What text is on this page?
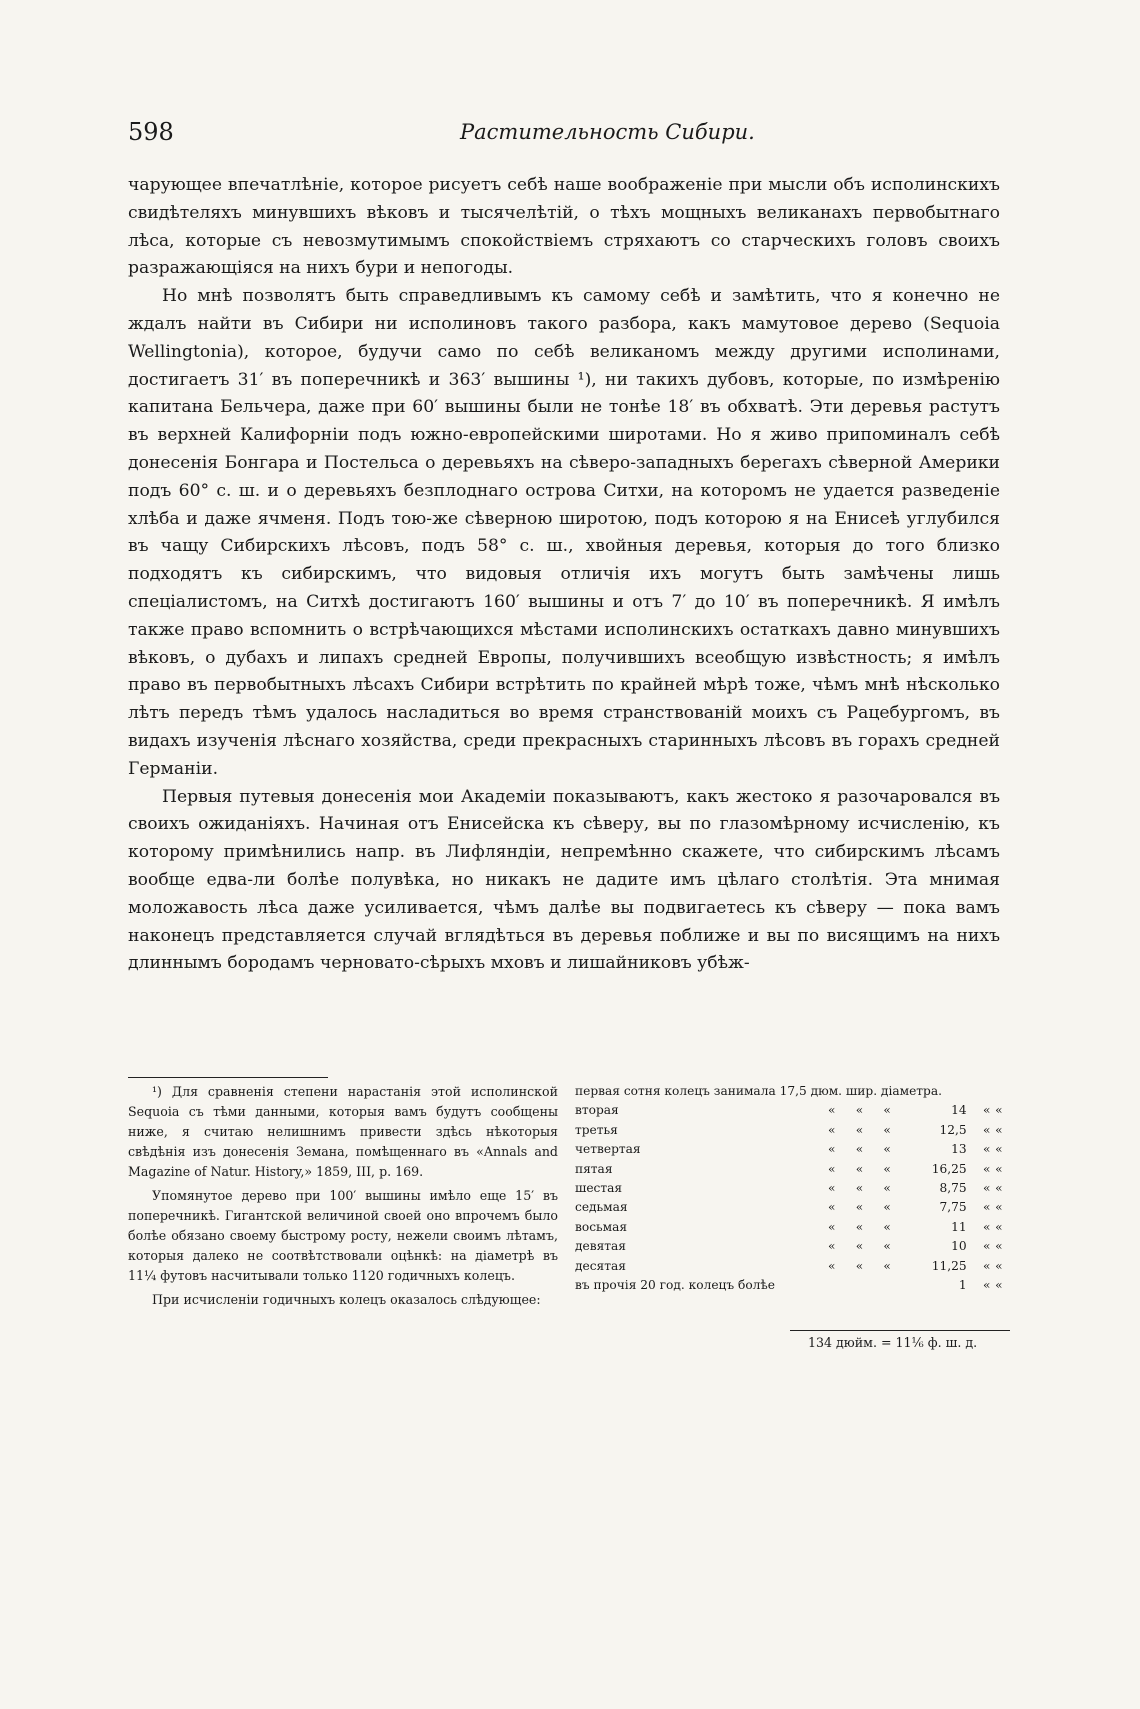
598	Растительность Сибири.

чарующее впечатлѣніе, которое рисуетъ себѣ наше воображеніе при мысли объ исполинскихъ свидѣтеляхъ минувшихъ вѣковъ и тысячелѣтій, о тѣхъ мощныхъ великанахъ первобытнаго лѣса, которые съ невозмутимымъ спокойствіемъ стряхаютъ со старческихъ головъ своихъ разражающіяся на нихъ бури и непогоды.

Но мнѣ позволятъ быть справедливымъ къ самому себѣ и замѣтить, что я конечно не ждалъ найти въ Сибири ни исполиновъ такого разбора, какъ мамутовое дерево (Sequoia Wellingtonia), которое, будучи само по себѣ великаномъ между другими исполинами, достигаетъ 31′ въ поперечникѣ и 363′ вышины ¹), ни такихъ дубовъ, которые, по измѣренію капитана Бельчера, даже при 60′ вышины были не тонѣе 18′ въ обхватѣ. Эти деревья растутъ въ верхней Калифорніи подъ южно-европейскими широтами. Но я живо припоминалъ себѣ донесенія Бонгара и Постельса о деревьяхъ на сѣверо-западныхъ берегахъ сѣверной Америки подъ 60° с. ш. и о деревьяхъ безплоднаго острова Ситхи, на которомъ не удается разведеніе хлѣба и даже ячменя. Подъ тою-же сѣверною широтою, подъ которою я на Енисеѣ углубился въ чащу Сибирскихъ лѣсовъ, подъ 58° с. ш., хвойныя деревья, которыя до того близко подходятъ къ сибирскимъ, что видовыя отличія ихъ могутъ быть замѣчены лишь спеціалистомъ, на Ситхѣ достигаютъ 160′ вышины и отъ 7′ до 10′ въ поперечникѣ. Я имѣлъ также право вспомнить о встрѣчающихся мѣстами исполинскихъ остаткахъ давно минувшихъ вѣковъ, о дубахъ и липахъ средней Европы, получившихъ всеобщую извѣстность; я имѣлъ право въ первобытныхъ лѣсахъ Сибири встрѣтить по крайней мѣрѣ тоже, чѣмъ мнѣ нѣсколько лѣтъ передъ тѣмъ удалось насладиться во время странствованій моихъ съ Рацебургомъ, въ видахъ изученія лѣснаго хозяйства, среди прекрасныхъ старинныхъ лѣсовъ въ горахъ средней Германіи.

Первыя путевыя донесенія мои Академіи показываютъ, какъ жестоко я разочаровался въ своихъ ожиданіяхъ. Начиная отъ Енисейска къ сѣверу, вы по глазомѣрному исчисленію, къ которому примѣнились напр. въ Лифляндіи, непремѣнно скажете, что сибирскимъ лѣсамъ вообще едва-ли болѣе полувѣка, но никакъ не дадите имъ цѣлаго столѣтія. Эта мнимая моложавость лѣса даже усиливается, чѣмъ далѣе вы подвигаетесь къ сѣверу — пока вамъ наконецъ представляется случай вглядѣться въ деревья поближе и вы по висящимъ на нихъ длиннымъ бородамъ черновато-сѣрыхъ мховъ и лишайниковъ убѣж-

¹) Для сравненія степени нарастанія этой исполинской Sequoia съ тѣми данными, которыя вамъ будутъ сообщены ниже, я считаю нелишнимъ привести здѣсь нѣкоторыя свѣдѣнія изъ донесенія Земана, помѣщеннаго въ «Annals and Magazine of Natur. History,» 1859, III, p. 169.

Упомянутое дерево при 100′ вышины имѣло еще 15′ въ поперечникѣ. Гигантской величиной своей оно впрочемъ было болѣе обязано своему быстрому росту, нежели своимъ лѣтамъ, которыя далеко не соотвѣтствовали оцѣнкѣ: на діаметрѣ въ 11¼ футовъ насчитывали только 1120 годичныхъ колецъ.

При исчисленіи годичныхъ колецъ оказалось слѣдующее:

первая сотня колецъ занимала 17,5 дюм. шир. діаметра.
вторая	«	«	«	14	«	«
третья	«	«	«	12,5	«	«
четвертая	«	«	«	13	«	«
пятая	«	«	«	16,25	«	«
шестая	«	«	«	8,75	«	«
седьмая	«	«	«	7,75	«	«
восьмая	«	«	«	11	«	«
девятая	«	«	«	10	«	«
десятая	«	«	«	11,25	«	«
въ прочія 20 год. колецъ болѣе				1	«	«
134 дюйм. = 11⅙ ф. ш. д.
